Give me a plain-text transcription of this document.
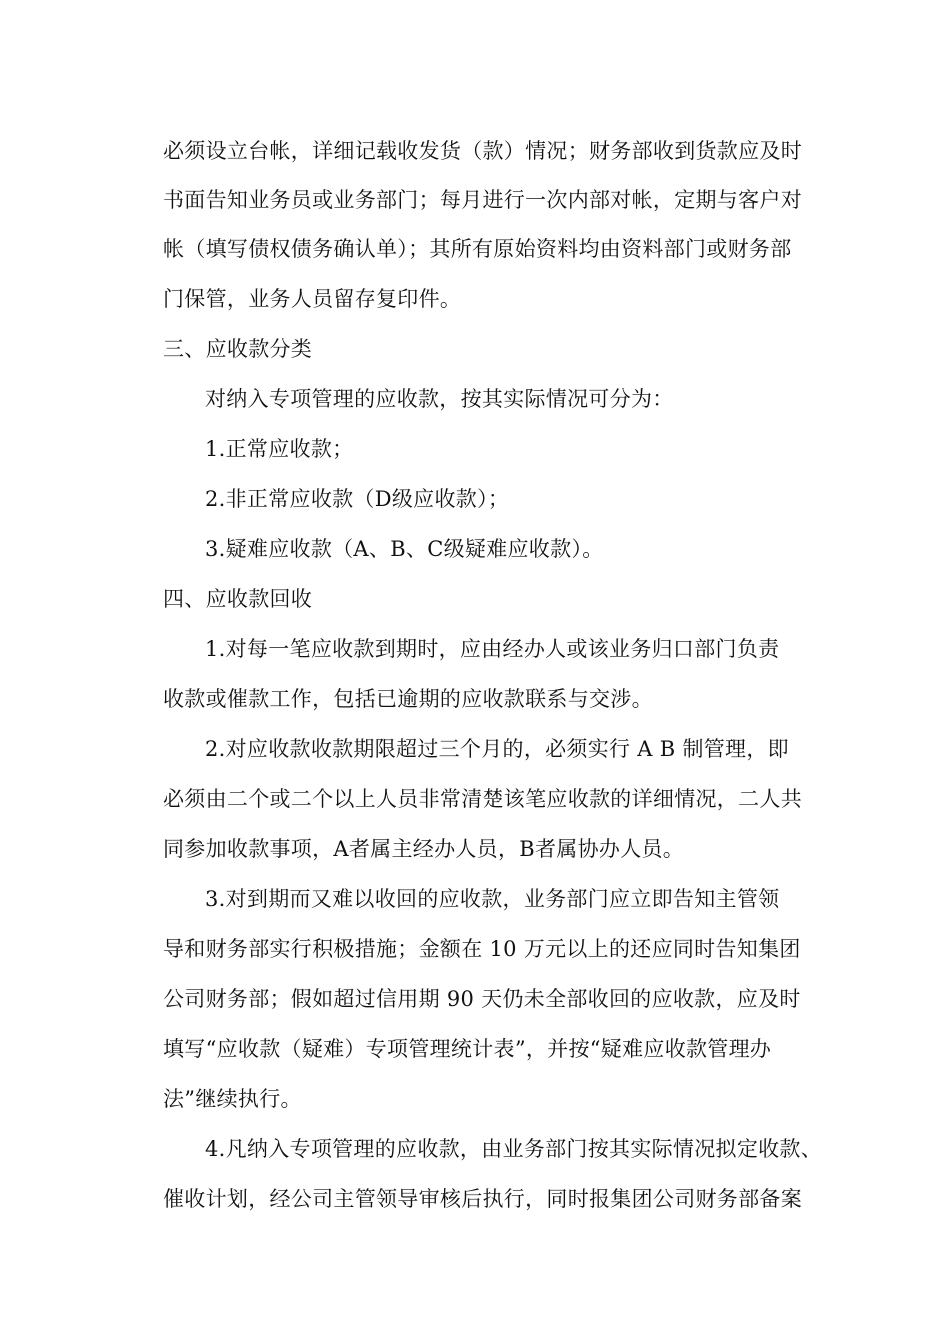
必须设立台帐，详细记载收发货（款）情况；财务部收到货款应及时
书面告知业务员或业务部门；每月进行一次内部对帐，定期与客户对
帐（填写债权债务确认单）；其所有原始资料均由资料部门或财务部
门保管，业务人员留存复印件。
三、应收款分类
对纳入专项管理的应收款，按其实际情况可分为：
1.正常应收款；
2.非正常应收款（D级应收款）；
3.疑难应收款（A、B、C级疑难应收款）。
四、应收款回收
1.对每一笔应收款到期时，应由经办人或该业务归口部门负责
收款或催款工作，包括已逾期的应收款联系与交涉。
2.对应收款收款期限超过三个月的，必须实行 A B 制管理，即
必须由二个或二个以上人员非常清楚该笔应收款的详细情况，二人共
同参加收款事项，A者属主经办人员，B者属协办人员。
3.对到期而又难以收回的应收款，业务部门应立即告知主管领
导和财务部实行积极措施；金额在 10 万元以上的还应同时告知集团
公司财务部；假如超过信用期 90 天仍未全部收回的应收款，应及时
填写“应收款（疑难）专项管理统计表”，并按“疑难应收款管理办
法”继续执行。
4.凡纳入专项管理的应收款，由业务部门按其实际情况拟定收款、
催收计划，经公司主管领导审核后执行，同时报集团公司财务部备案
